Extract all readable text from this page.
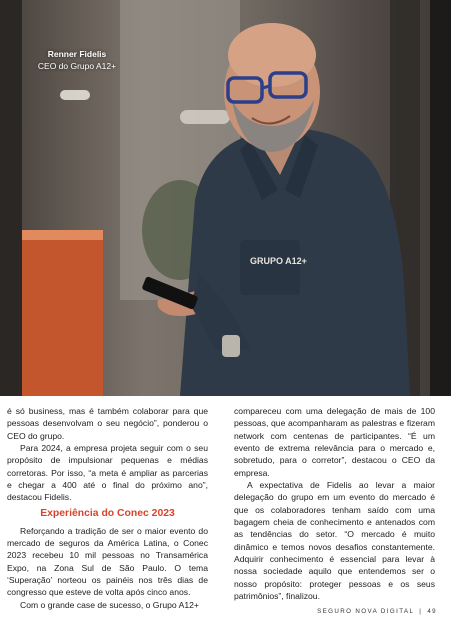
GRUPO A12+
Renner Fidelis
CEO do Grupo A12+

é só business, mas é também colaborar para que pessoas desenvolvam o seu negócio”, ponderou o CEO do grupo.

Para 2024, a empresa projeta seguir com o seu propósito de impulsionar pequenas e médias corretoras. Por isso, “a meta é ampliar as parcerias e chegar a 400 até o final do próximo ano”, destacou Fidelis.

Experiência do Conec 2023

Reforçando a tradição de ser o maior evento do mercado de seguros da América Latina, o Conec 2023 recebeu 10 mil pessoas no Transamérica Expo, na Zona Sul de São Paulo. O tema ‘Superação’ norteou os painéis nos três dias de congresso que esteve de volta após cinco anos.

Com o grande case de sucesso, o Grupo A12+

compareceu com uma delegação de mais de 100 pessoas, que acompanharam as palestras e fizeram network com centenas de participantes. “É um evento de extrema relevância para o mercado e, sobretudo, para o corretor”, destacou o CEO da empresa.

A expectativa de Fidelis ao levar a maior delegação do grupo em um evento do mercado é que os colaboradores tenham saído com uma bagagem cheia de conhecimento e antenados com as tendências do setor. “O mercado é muito dinâmico e temos novos desafios constantemente. Adquirir conhecimento é essencial para levar à nossa sociedade aquilo que entendemos ser o nosso propósito: proteger pessoas e os seus patrimônios”, finalizou.

SEGURO NOVA DIGITAL | 49
